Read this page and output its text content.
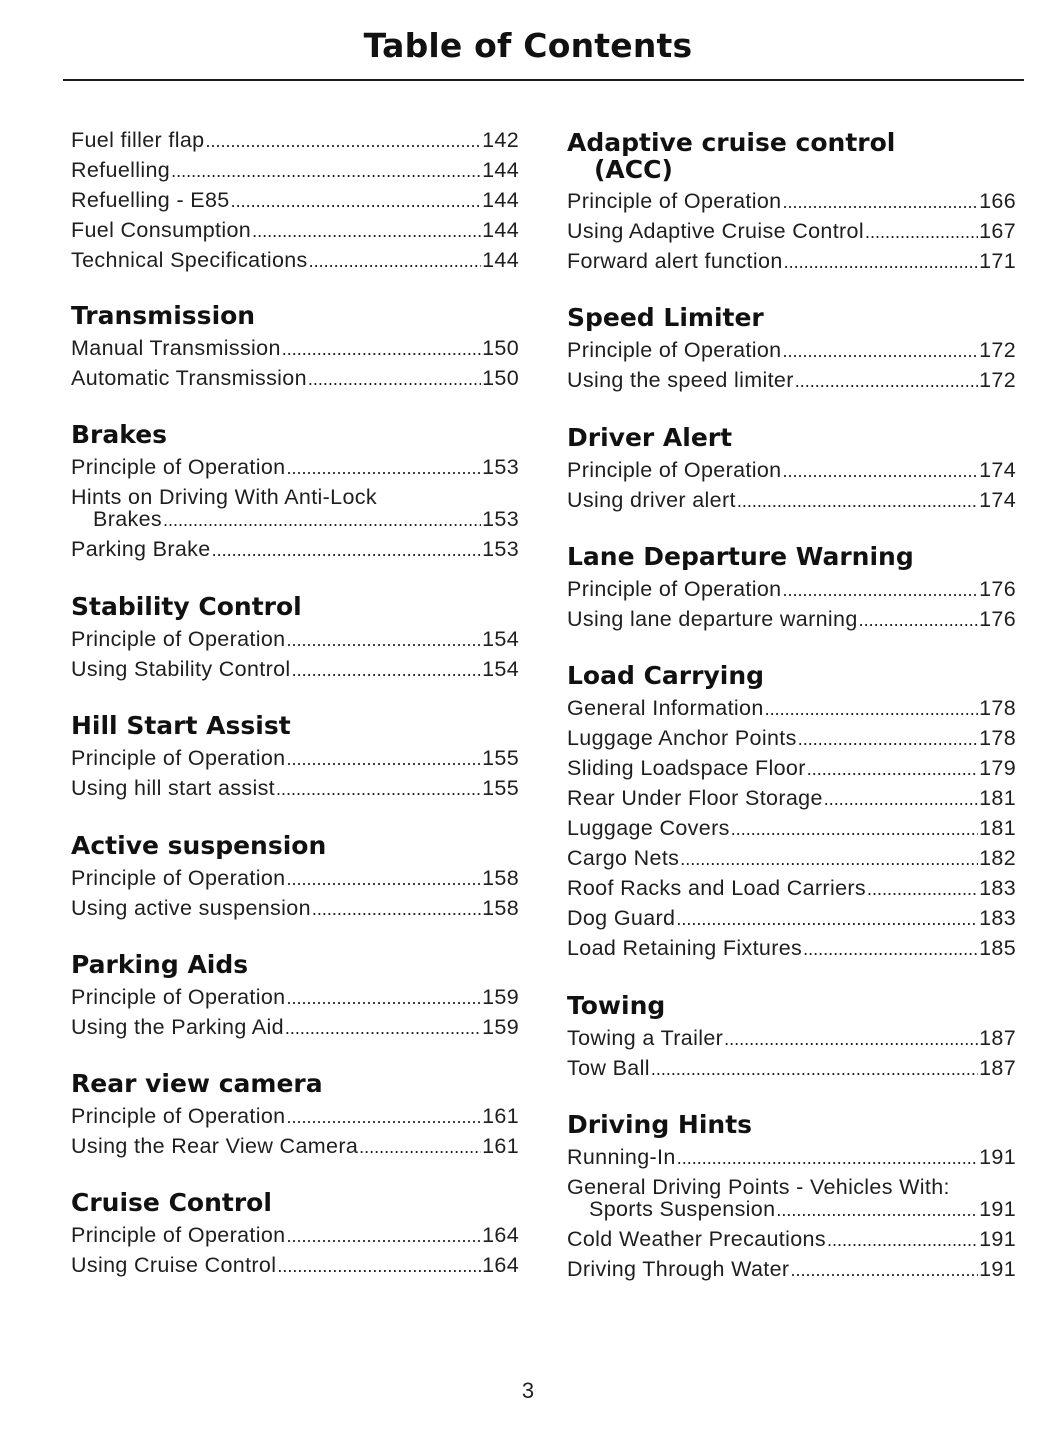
Table of Contents
Fuel filler flap .....	142
Refuelling .....	144
Refuelling - E85 .....	144
Fuel Consumption .....	144
Technical Specifications .....	144
Transmission
Manual Transmission .....	150
Automatic Transmission .....	150
Brakes
Principle of Operation .....	153
Hints on Driving With Anti-Lock
Brakes .....	153
Parking Brake .....	153
Stability Control
Principle of Operation .....	154
Using Stability Control .....	154
Hill Start Assist
Principle of Operation .....	155
Using hill start assist .....	155
Active suspension
Principle of Operation .....	158
Using active suspension .....	158
Parking Aids
Principle of Operation .....	159
Using the Parking Aid .....	159
Rear view camera
Principle of Operation .....	161
Using the Rear View Camera .....	161
Cruise Control
Principle of Operation .....	164
Using Cruise Control .....	164
Adaptive cruise control
(ACC)
Principle of Operation .....	166
Using Adaptive Cruise Control .....	167
Forward alert function .....	171
Speed Limiter
Principle of Operation .....	172
Using the speed limiter .....	172
Driver Alert
Principle of Operation .....	174
Using driver alert .....	174
Lane Departure Warning
Principle of Operation .....	176
Using lane departure warning .....	176
Load Carrying
General Information .....	178
Luggage Anchor Points .....	178
Sliding Loadspace Floor .....	179
Rear Under Floor Storage .....	181
Luggage Covers .....	181
Cargo Nets .....	182
Roof Racks and Load Carriers .....	183
Dog Guard .....	183
Load Retaining Fixtures .....	185
Towing
Towing a Trailer .....	187
Tow Ball .....	187
Driving Hints
Running-In .....	191
General Driving Points - Vehicles With:
Sports Suspension .....	191
Cold Weather Precautions .....	191
Driving Through Water .....	191
3
